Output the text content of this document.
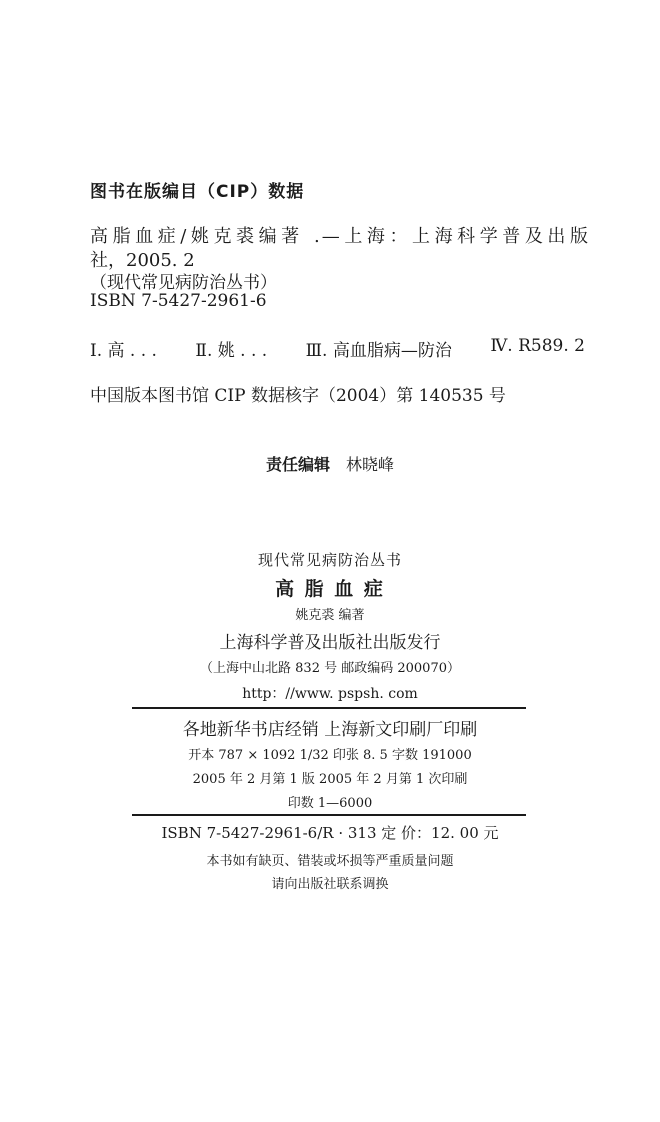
图书在版编目（CIP）数据
高脂血症/姚克裘编著 .—上海：上海科学普及出版
社，2005. 2
（现代常见病防治丛书）
ISBN 7-5427-2961-6
Ⅰ. 高 . . . Ⅱ. 姚 . . . Ⅲ. 高血脂病—防治 Ⅳ. R589. 2
中国版本图书馆 CIP 数据核字（2004）第 140535 号
责任编辑 林晓峰
现代常见病防治丛书
高 脂 血 症
姚克裘 编著
上海科学普及出版社出版发行
（上海中山北路 832 号 邮政编码 200070）
http：//www. pspsh. com
各地新华书店经销 上海新文印刷厂印刷
开本 787 × 1092 1/32 印张 8. 5 字数 191000
2005 年 2 月第 1 版 2005 年 2 月第 1 次印刷
印数 1—6000
ISBN 7-5427-2961-6/R · 313 定 价：12. 00 元
本书如有缺页、错装或坏损等严重质量问题
请向出版社联系调换
